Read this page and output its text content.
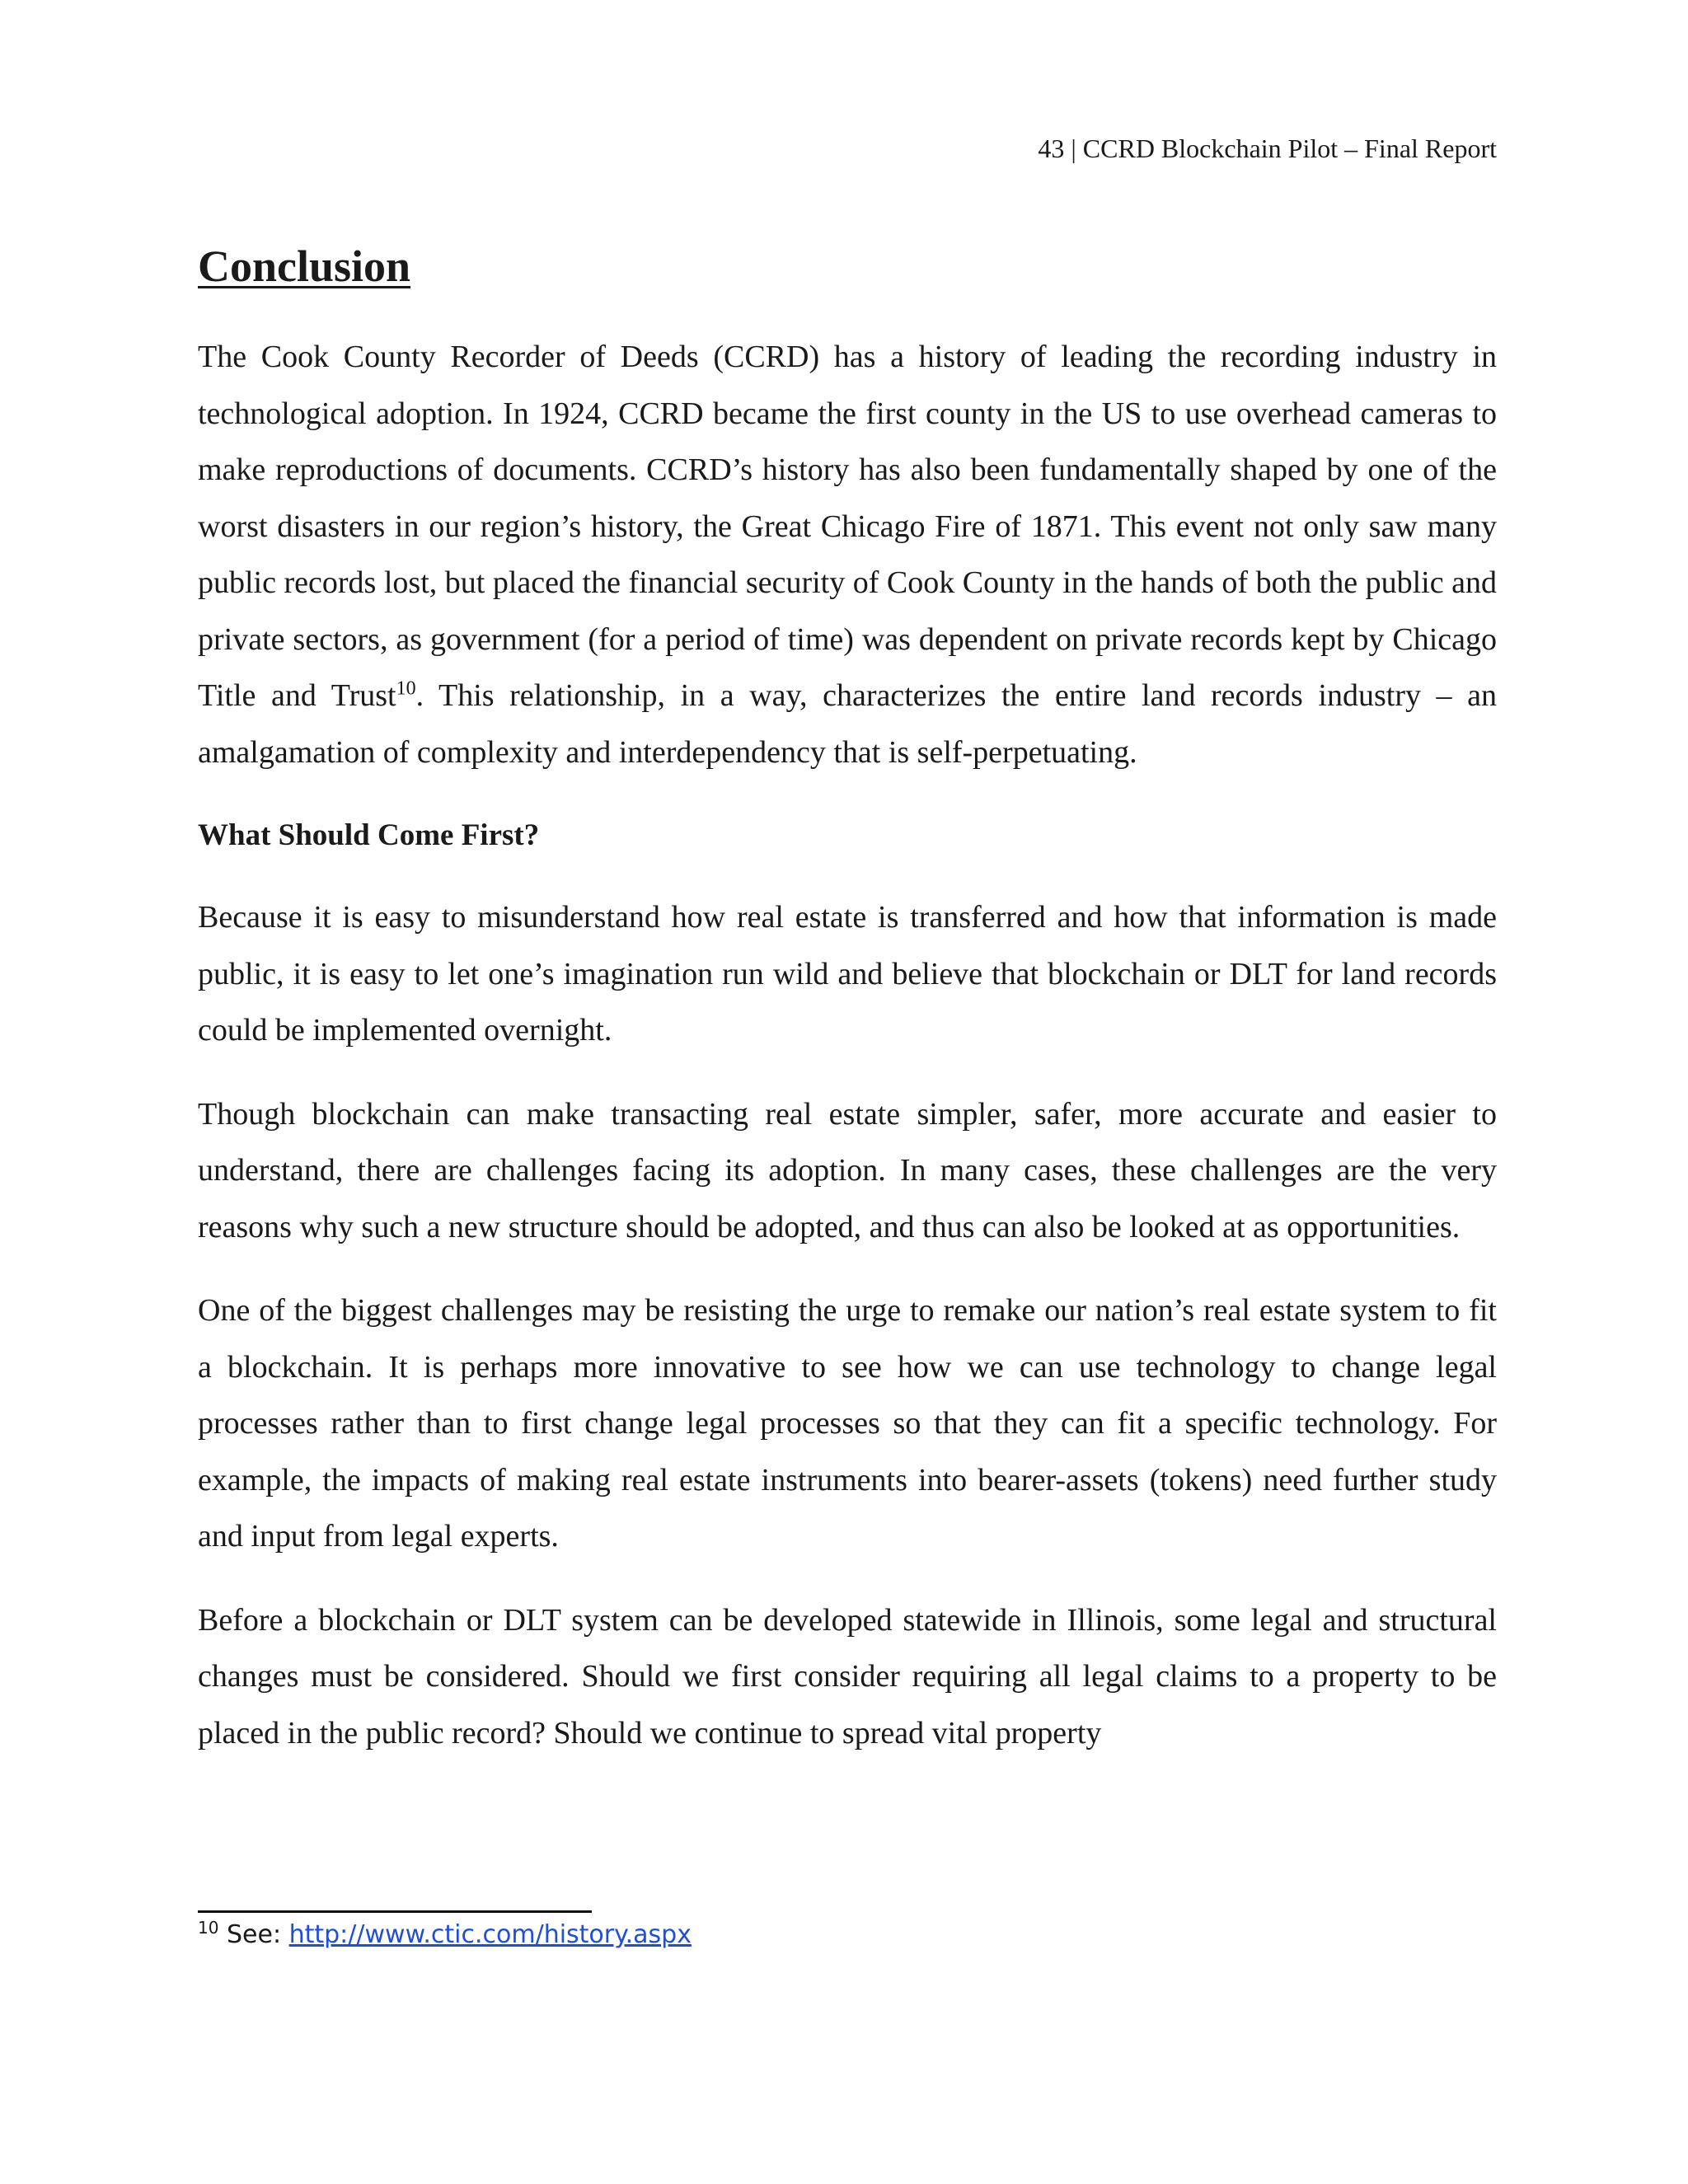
43 | CCRD Blockchain Pilot – Final Report
Conclusion

The Cook County Recorder of Deeds (CCRD) has a history of leading the recording industry in technological adoption. In 1924, CCRD became the first county in the US to use overhead cameras to make reproductions of documents. CCRD’s history has also been fundamentally shaped by one of the worst disasters in our region’s history, the Great Chicago Fire of 1871. This event not only saw many public records lost, but placed the financial security of Cook County in the hands of both the public and private sectors, as government (for a period of time) was dependent on private records kept by Chicago Title and Trust$^{10}$. This relationship, in a way, characterizes the entire land records industry – an amalgamation of complexity and interdependency that is self-perpetuating.

What Should Come First?

Because it is easy to misunderstand how real estate is transferred and how that information is made public, it is easy to let one’s imagination run wild and believe that blockchain or DLT for land records could be implemented overnight.

Though blockchain can make transacting real estate simpler, safer, more accurate and easier to understand, there are challenges facing its adoption. In many cases, these challenges are the very reasons why such a new structure should be adopted, and thus can also be looked at as opportunities.

One of the biggest challenges may be resisting the urge to remake our nation’s real estate system to fit a blockchain. It is perhaps more innovative to see how we can use technology to change legal processes rather than to first change legal processes so that they can fit a specific technology. For example, the impacts of making real estate instruments into bearer-assets (tokens) need further study and input from legal experts.

Before a blockchain or DLT system can be developed statewide in Illinois, some legal and structural changes must be considered. Should we first consider requiring all legal claims to a property to be placed in the public record? Should we continue to spread vital property

$^{10}$ See: http://www.ctic.com/history.aspx
